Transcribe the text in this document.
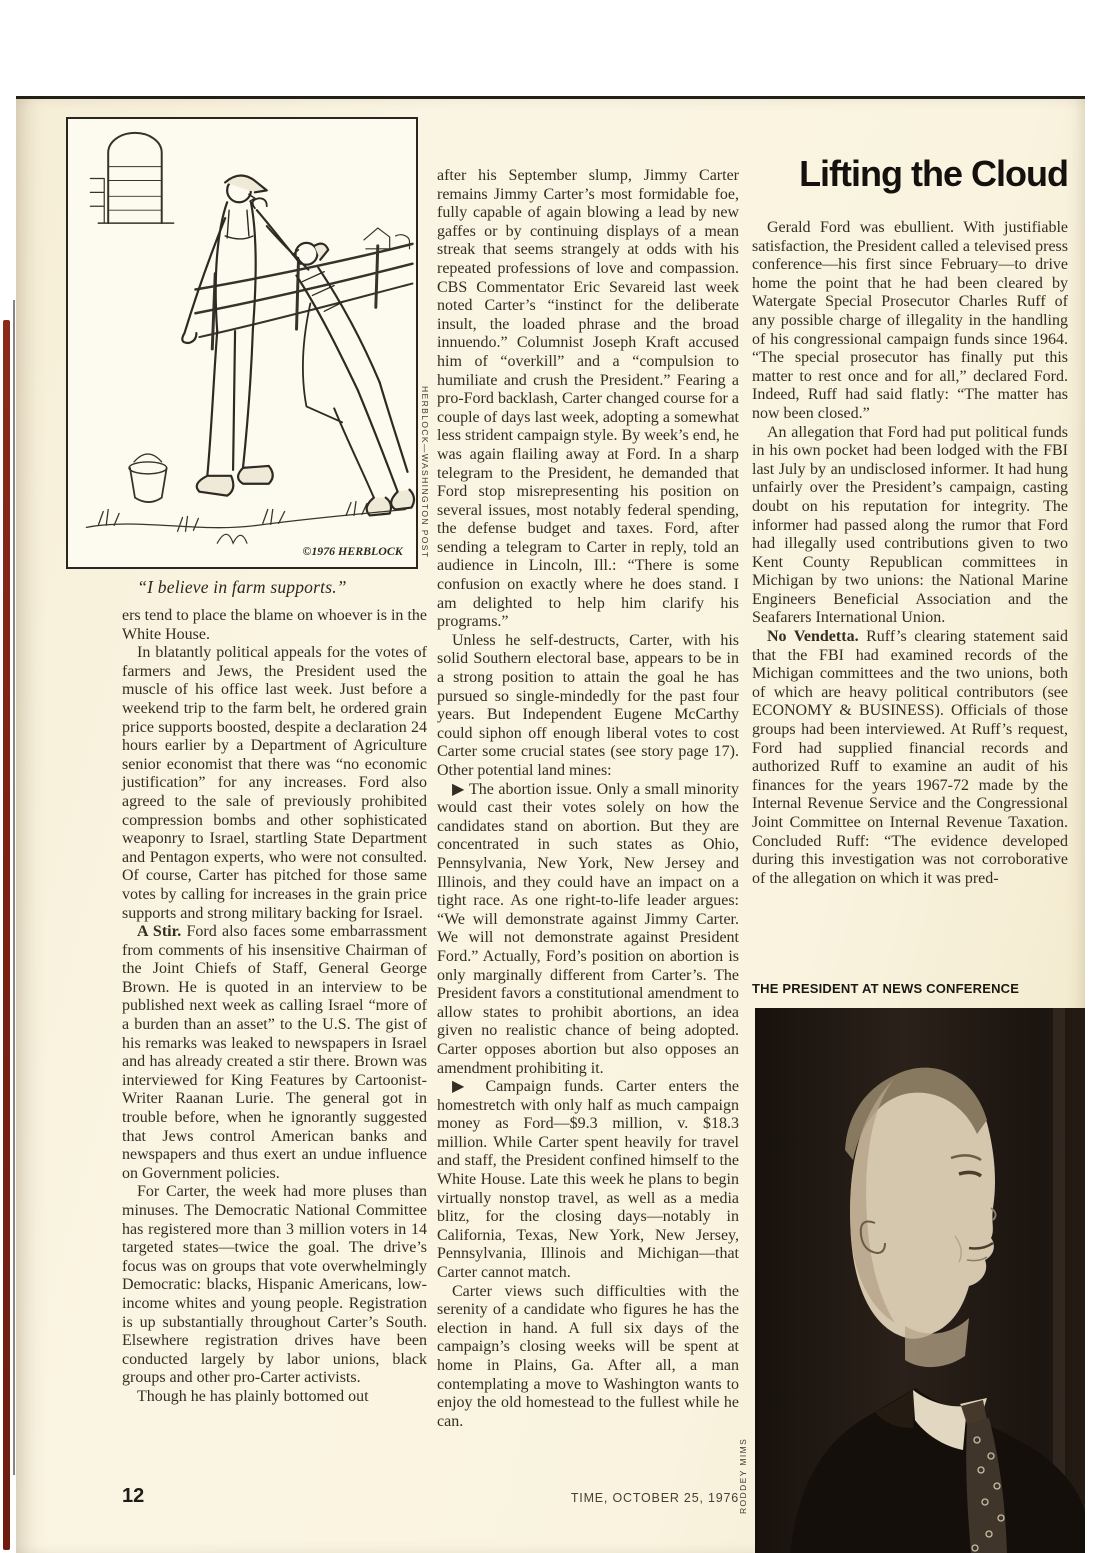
©1976 HERBLOCK HERBLOCK—WASHINGTON POST
“I believe in farm supports.”

ers tend to place the blame on whoever is in the White House.

In blatantly political appeals for the votes of farmers and Jews, the President used the muscle of his office last week. Just before a weekend trip to the farm belt, he ordered grain price supports boosted, despite a declaration 24 hours earlier by a Department of Agriculture senior economist that there was “no economic justification” for any increases. Ford also agreed to the sale of previously prohibited compression bombs and other sophisticated weaponry to Israel, startling State Department and Pentagon experts, who were not consulted. Of course, Carter has pitched for those same votes by calling for increases in the grain price supports and strong military backing for Israel.

A Stir. Ford also faces some embarrassment from comments of his insensitive Chairman of the Joint Chiefs of Staff, General George Brown. He is quoted in an interview to be published next week as calling Israel “more of a burden than an asset” to the U.S. The gist of his remarks was leaked to newspapers in Israel and has already created a stir there. Brown was interviewed for King Features by Cartoonist-Writer Raanan Lurie. The general got in trouble before, when he ignorantly suggested that Jews control American banks and newspapers and thus exert an undue influence on Government policies.

For Carter, the week had more pluses than minuses. The Democratic National Committee has registered more than 3 million voters in 14 targeted states—twice the goal. The drive’s focus was on groups that vote overwhelmingly Democratic: blacks, Hispanic Americans, low-income whites and young people. Registration is up substantially throughout Carter’s South. Elsewhere registration drives have been conducted largely by labor unions, black groups and other pro-Carter activists.

Though he has plainly bottomed out

12

after his September slump, Jimmy Carter remains Jimmy Carter’s most formidable foe, fully capable of again blowing a lead by new gaffes or by continuing displays of a mean streak that seems strangely at odds with his repeated professions of love and compassion. CBS Commentator Eric Sevareid last week noted Carter’s “instinct for the deliberate insult, the loaded phrase and the broad innuendo.” Columnist Joseph Kraft accused him of “overkill” and a “compulsion to humiliate and crush the President.” Fearing a pro-Ford backlash, Carter changed course for a couple of days last week, adopting a somewhat less strident campaign style. By week’s end, he was again flailing away at Ford. In a sharp telegram to the President, he demanded that Ford stop misrepresenting his position on several issues, most notably federal spending, the defense budget and taxes. Ford, after sending a telegram to Carter in reply, told an audience in Lincoln, Ill.: “There is some confusion on exactly where he does stand. I am delighted to help him clarify his programs.”

Unless he self-destructs, Carter, with his solid Southern electoral base, appears to be in a strong position to attain the goal he has pursued so single-mindedly for the past four years. But Independent Eugene McCarthy could siphon off enough liberal votes to cost Carter some crucial states (see story page 17). Other potential land mines:

▶ The abortion issue. Only a small minority would cast their votes solely on how the candidates stand on abortion. But they are concentrated in such states as Ohio, Pennsylvania, New York, New Jersey and Illinois, and they could have an impact on a tight race. As one right-to-life leader argues: “We will demonstrate against Jimmy Carter. We will not demonstrate against President Ford.” Actually, Ford’s position on abortion is only marginally different from Carter’s. The President favors a constitutional amendment to allow states to prohibit abortions, an idea given no realistic chance of being adopted. Carter opposes abortion but also opposes an amendment prohibiting it.

▶ Campaign funds. Carter enters the homestretch with only half as much campaign money as Ford—$9.3 million, v. $18.3 million. While Carter spent heavily for travel and staff, the President confined himself to the White House. Late this week he plans to begin virtually nonstop travel, as well as a media blitz, for the closing days—notably in California, Texas, New York, New Jersey, Pennsylvania, Illinois and Michigan—that Carter cannot match.

Carter views such difficulties with the serenity of a candidate who figures he has the election in hand. A full six days of the campaign’s closing weeks will be spent at home in Plains, Ga. After all, a man contemplating a move to Washington wants to enjoy the old homestead to the fullest while he can.

TIME, OCTOBER 25, 1976
Lifting the Cloud

Gerald Ford was ebullient. With justifiable satisfaction, the President called a televised press conference—his first since February—to drive home the point that he had been cleared by Watergate Special Prosecutor Charles Ruff of any possible charge of illegality in the handling of his congressional campaign funds since 1964. “The special prosecutor has finally put this matter to rest once and for all,” declared Ford. Indeed, Ruff had said flatly: “The matter has now been closed.”

An allegation that Ford had put political funds in his own pocket had been lodged with the FBI last July by an undisclosed informer. It had hung unfairly over the President’s campaign, casting doubt on his reputation for integrity. The informer had passed along the rumor that Ford had illegally used contributions given to two Kent County Republican committees in Michigan by two unions: the National Marine Engineers Beneficial Association and the Seafarers International Union.

No Vendetta. Ruff’s clearing statement said that the FBI had examined records of the Michigan committees and the two unions, both of which are heavy political contributors (see ECONOMY & BUSINESS). Officials of those groups had been interviewed. At Ruff’s request, Ford had supplied financial records and authorized Ruff to examine an audit of his finances for the years 1967-72 made by the Internal Revenue Service and the Congressional Joint Committee on Internal Revenue Taxation. Concluded Ruff: “The evidence developed during this investigation was not corroborative of the allegation on which it was pred-

THE PRESIDENT AT NEWS CONFERENCE
RODDEY MIMS
